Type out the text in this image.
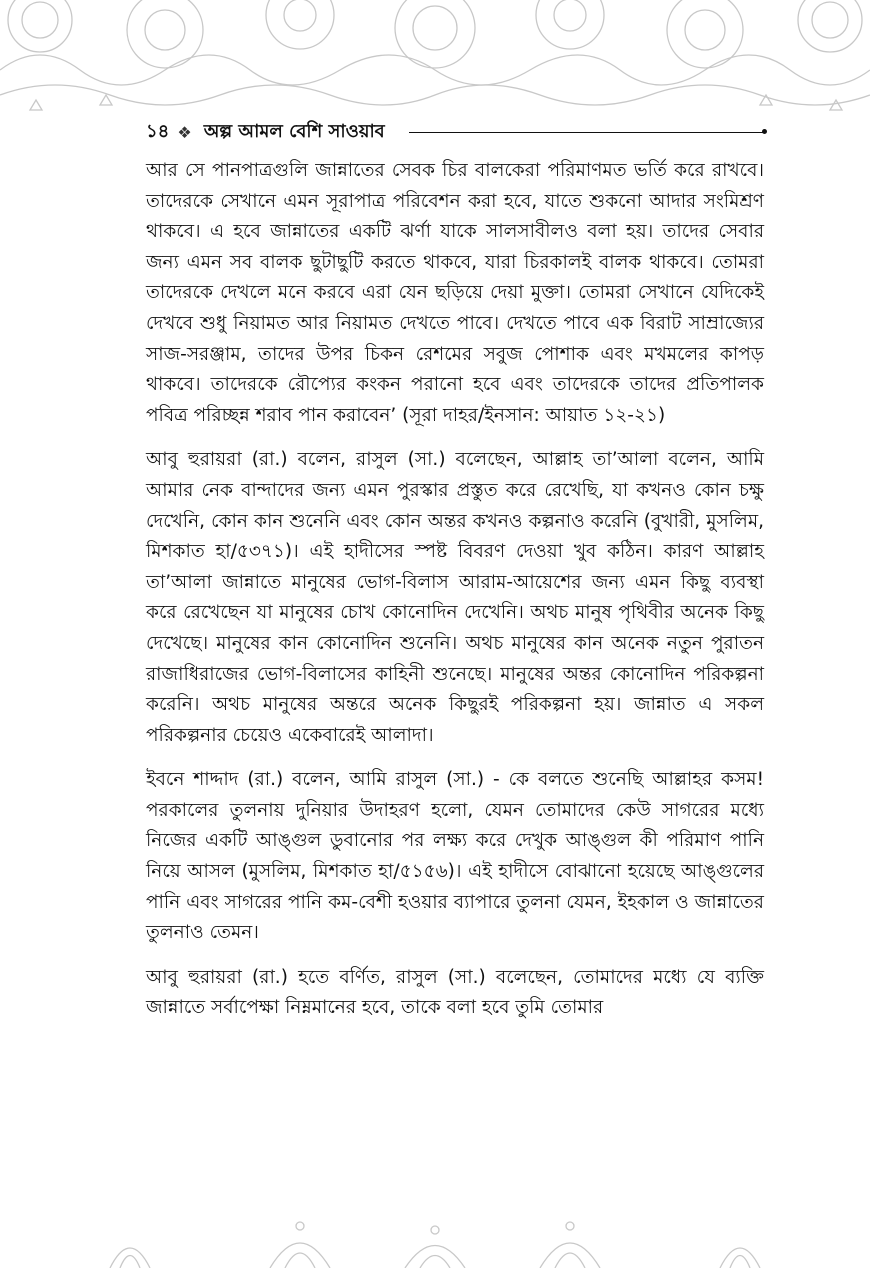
১৪ ❖ অল্প আমল বেশি সাওয়াব

আর সে পানপাত্রগুলি জান্নাতের সেবক চির বালকেরা পরিমাণমত ভর্তি করে রাখবে। তাদেরকে সেখানে এমন সূরাপাত্র পরিবেশন করা হবে, যাতে শুকনো আদার সংমিশ্রণ থাকবে। এ হবে জান্নাতের একটি ঝর্ণা যাকে সালসাবীলও বলা হয়। তাদের সেবার জন্য এমন সব বালক ছুটাছুটি করতে থাকবে, যারা চিরকালই বালক থাকবে। তোমরা তাদেরকে দেখলে মনে করবে এরা যেন ছড়িয়ে দেয়া মুক্তা। তোমরা সেখানে যেদিকেই দেখবে শুধু নিয়ামত আর নিয়ামত দেখতে পাবে। দেখতে পাবে এক বিরাট সাম্রাজ্যের সাজ-সরঞ্জাম, তাদের উপর চিকন রেশমের সবুজ পোশাক এবং মখমলের কাপড় থাকবে। তাদেরকে রৌপ্যের কংকন পরানো হবে এবং তাদেরকে তাদের প্রতিপালক পবিত্র পরিচ্ছন্ন শরাব পান করাবেন’ (সূরা দাহর/ইনসান: আয়াত ১২-২১)

আবু হুরায়রা (রা.) বলেন, রাসুল (সা.) বলেছেন, আল্লাহ তা’আলা বলেন, আমি আমার নেক বান্দাদের জন্য এমন পুরস্কার প্রস্তুত করে রেখেছি, যা কখনও কোন চক্ষু দেখেনি, কোন কান শুনেনি এবং কোন অন্তর কখনও কল্পনাও করেনি (বুখারী, মুসলিম, মিশকাত হা/৫৩৭১)। এই হাদীসের স্পষ্ট বিবরণ দেওয়া খুব কঠিন। কারণ আল্লাহ তা’আলা জান্নাতে মানুষের ভোগ-বিলাস আরাম-আয়েশের জন্য এমন কিছু ব্যবস্থা করে রেখেছেন যা মানুষের চোখ কোনোদিন দেখেনি। অথচ মানুষ পৃথিবীর অনেক কিছু দেখেছে। মানুষের কান কোনোদিন শুনেনি। অথচ মানুষের কান অনেক নতুন পুরাতন রাজাধিরাজের ভোগ-বিলাসের কাহিনী শুনেছে। মানুষের অন্তর কোনোদিন পরিকল্পনা করেনি। অথচ মানুষের অন্তরে অনেক কিছুরই পরিকল্পনা হয়। জান্নাত এ সকল পরিকল্পনার চেয়েও একেবারেই আলাদা।

ইবনে শাদ্দাদ (রা.) বলেন, আমি রাসুল (সা.) - কে বলতে শুনেছি আল্লাহর কসম! পরকালের তুলনায় দুনিয়ার উদাহরণ হলো, যেমন তোমাদের কেউ সাগরের মধ্যে নিজের একটি আঙ্গুল ডুবানোর পর লক্ষ্য করে দেখুক আঙ্গুল কী পরিমাণ পানি নিয়ে আসল (মুসলিম, মিশকাত হা/৫১৫৬)। এই হাদীসে বোঝানো হয়েছে আঙ্গুলের পানি এবং সাগরের পানি কম-বেশী হওয়ার ব্যাপারে তুলনা যেমন, ইহকাল ও জান্নাতের তুলনাও তেমন।

আবু হুরায়রা (রা.) হতে বর্ণিত, রাসুল (সা.) বলেছেন, তোমাদের মধ্যে যে ব্যক্তি জান্নাতে সর্বাপেক্ষা নিম্নমানের হবে, তাকে বলা হবে তুমি তোমার
